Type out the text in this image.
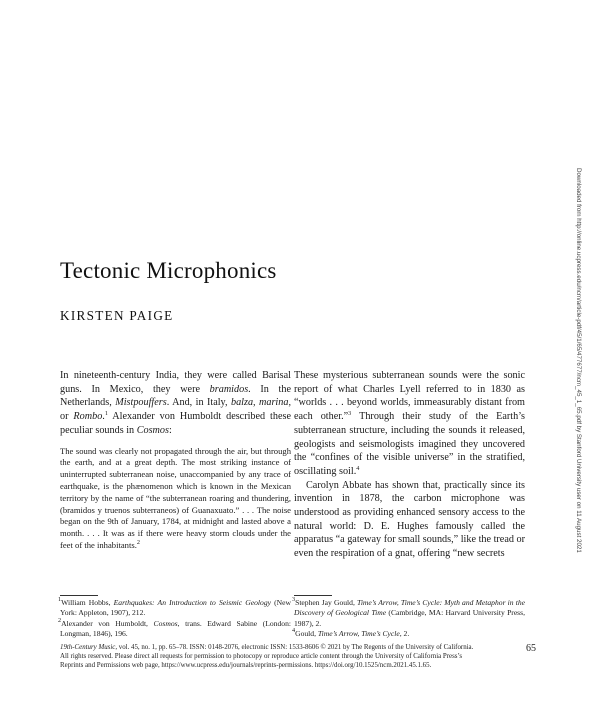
Downloaded from http://online.ucpress.edu/ncm/article-pdf/45/1/65/477677/ncm_45_1_65.pdf by Stanford University user on 11 August 2021
Tectonic Microphonics
KIRSTEN PAIGE

In nineteenth-century India, they were called Barisal guns. In Mexico, they were bramidos. In the Netherlands, Mistpouffers. And, in Italy, balza, marina, or Rombo.$^1$ Alexander von Humboldt described these peculiar sounds in Cosmos:

The sound was clearly not propagated through the air, but through the earth, and at a great depth. The most striking instance of uninterrupted subterranean noise, unaccompanied by any trace of earthquake, is the phænomenon which is known in the Mexican territory by the name of “the subterranean roaring and thundering, (bramidos y truenos subterraneos) of Guanaxuato.” . . . The noise began on the 9th of January, 1784, at midnight and lasted above a month. . . . It was as if there were heavy storm clouds under the feet of the inhabitants.$^2$

These mysterious subterranean sounds were the sonic report of what Charles Lyell referred to in 1830 as “worlds . . . beyond worlds, immeasurably distant from each other.”$^3$ Through their study of the Earth’s subterranean structure, including the sounds it released, geologists and seismologists imagined they uncovered the “confines of the visible universe” in the stratified, oscillating soil.$^4$

Carolyn Abbate has shown that, practically since its invention in 1878, the carbon microphone was understood as providing enhanced sensory access to the natural world: D. E. Hughes famously called the apparatus “a gateway for small sounds,” like the tread or even the respiration of a gnat, offering “new secrets

$^1$William Hobbs, Earthquakes: An Introduction to Seismic Geology (New York: Appleton, 1907), 212.

$^2$Alexander von Humboldt, Cosmos, trans. Edward Sabine (London: Longman, 1846), 196.

$^3$Stephen Jay Gould, Time’s Arrow, Time’s Cycle: Myth and Metaphor in the Discovery of Geological Time (Cambridge, MA: Harvard University Press, 1987), 2.

$^4$Gould, Time’s Arrow, Time’s Cycle, 2.

19th-Century Music, vol. 45, no. 1, pp. 65–78. ISSN: 0148-2076, electronic ISSN: 1533-8606 © 2021 by The Regents of the University of California. All rights reserved. Please direct all requests for permission to photocopy or reproduce article content through the University of California Press’s Reprints and Permissions web page, https://www.ucpress.edu/journals/reprints-permissions. https://doi.org/10.1525/ncm.2021.45.1.65.
65
